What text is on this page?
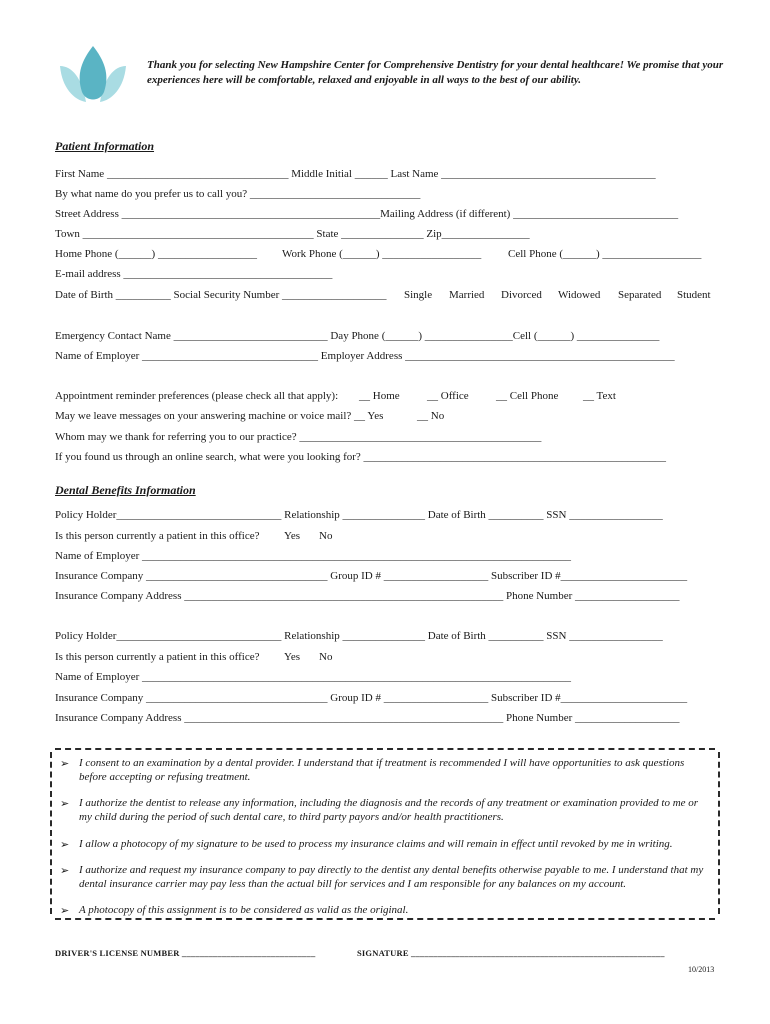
Thank you for selecting New Hampshire Center for Comprehensive Dentistry for your dental healthcare! We promise that your experiences here will be comfortable, relaxed and enjoyable in all ways to the best of our ability.
Patient Information
First Name _________________________________ Middle Initial ______ Last Name _______________________________________
By what name do you prefer us to call you? _______________________________
Street Address _______________________________________________Mailing Address (if different) ______________________________
Town __________________________________________ State _______________ Zip________________
Home Phone (______) __________________ Work Phone (______) __________________ Cell Phone (______) __________________
E-mail address ______________________________________
Date of Birth __________ Social Security Number ___________________ Single Married Divorced Widowed Separated Student
Emergency Contact Name ____________________________ Day Phone (______) ________________Cell (______) _______________
Name of Employer ________________________________ Employer Address _________________________________________________
Appointment reminder preferences (please check all that apply): __ Home __ Office __ Cell Phone __ Text
May we leave messages on your answering machine or voice mail? __ Yes	__ No
Whom may we thank for referring you to our practice? ____________________________________________
If you found us through an online search, what were you looking for? _______________________________________________________
Dental Benefits Information
Policy Holder______________________________ Relationship _______________ Date of Birth __________ SSN _________________
Is this person currently a patient in this office? Yes No
Name of Employer ______________________________________________________________________________
Insurance Company _________________________________ Group ID # ___________________ Subscriber ID #_______________________
Insurance Company Address __________________________________________________________ Phone Number ___________________
Policy Holder______________________________ Relationship _______________ Date of Birth __________ SSN _________________
Is this person currently a patient in this office? Yes No
Name of Employer ______________________________________________________________________________
Insurance Company _________________________________ Group ID # ___________________ Subscriber ID #_______________________
Insurance Company Address __________________________________________________________ Phone Number ___________________
➢ I consent to an examination by a dental provider. I understand that if treatment is recommended I will have opportunities to ask questions before accepting or refusing treatment.
➢ I authorize the dentist to release any information, including the diagnosis and the records of any treatment or examination provided to me or my child during the period of such dental care, to third party payors and/or health practitioners.
➢ I allow a photocopy of my signature to be used to process my insurance claims and will remain in effect until revoked by me in writing.
➢ I authorize and request my insurance company to pay directly to the dentist any dental benefits otherwise payable to me. I understand that my dental insurance carrier may pay less than the actual bill for services and I am responsible for any balances on my account.
➢ A photocopy of this assignment is to be considered as valid as the original.
DRIVER'S LICENSE NUMBER ______________________________	SIGNATURE _________________________________________________________
10/2013
